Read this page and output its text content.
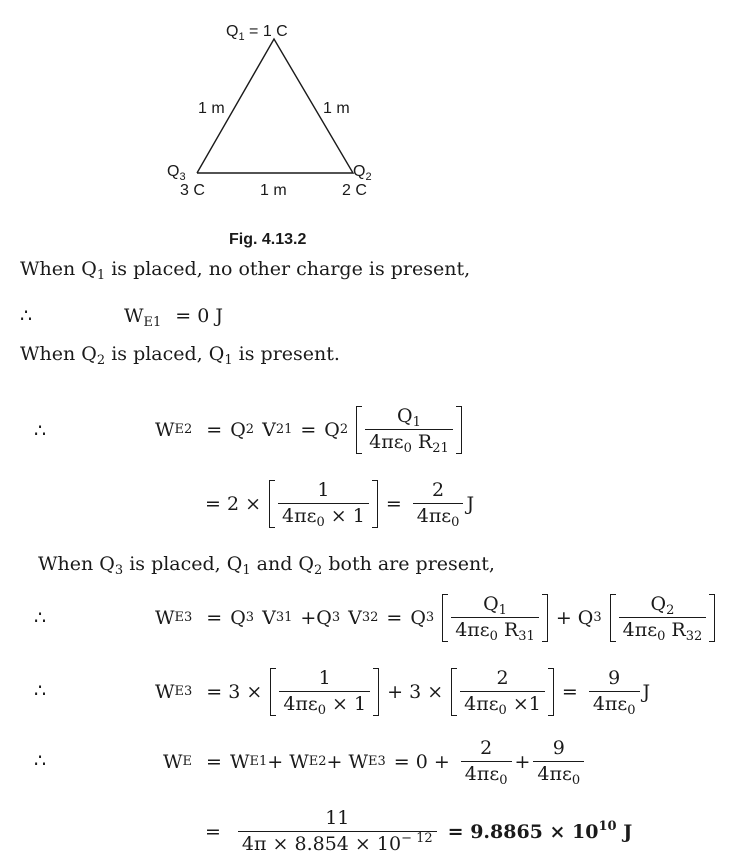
$Q_1 = 1$ C
1 m	1 m
$Q_3$
3 C
$Q_2$
2 C
1 m
Fig. 4.13.2
When $Q_1$ is placed, no other charge is present,
∴	$W_{E1} = 0$ J
When $Q_2$ is placed, $Q_1$ is present.
∴	W E2 = Q 2 V 21 = Q $2 \frac{Q_1}{4\pi\varepsilon_0 R_{21}}$
= $2 \times \frac{1}{4\pi\varepsilon_0 \times 1} = \frac{2}{4\pi\varepsilon_0}$ J
When $Q_3$ is placed, $Q_1$ and $Q_2$ both are present,
∴	W E3 = Q 3 V 31 +Q 3 V 32 = Q $3 \frac{Q_1}{4\pi\varepsilon_0 R_{31}} + Q$ $3 \frac{Q_2}{4\pi\varepsilon_0 R_{32}}$
∴	W $E3 = 3 \times \frac{1}{4\pi\varepsilon_0 \times 1} + 3 \times \frac{2}{4\pi\varepsilon_0 \times 1} = \frac{9}{4\pi\varepsilon_0}$ J
∴	W E = W E1 + W E2 + W $E3 = 0 + \frac{2}{4\pi\varepsilon_0} + \frac{9}{4\pi\varepsilon_0}$
= $\frac{11}{4\pi \times 8.854 \times 10^{- 12}} = 9.8865 \times 10^{10}$ J
